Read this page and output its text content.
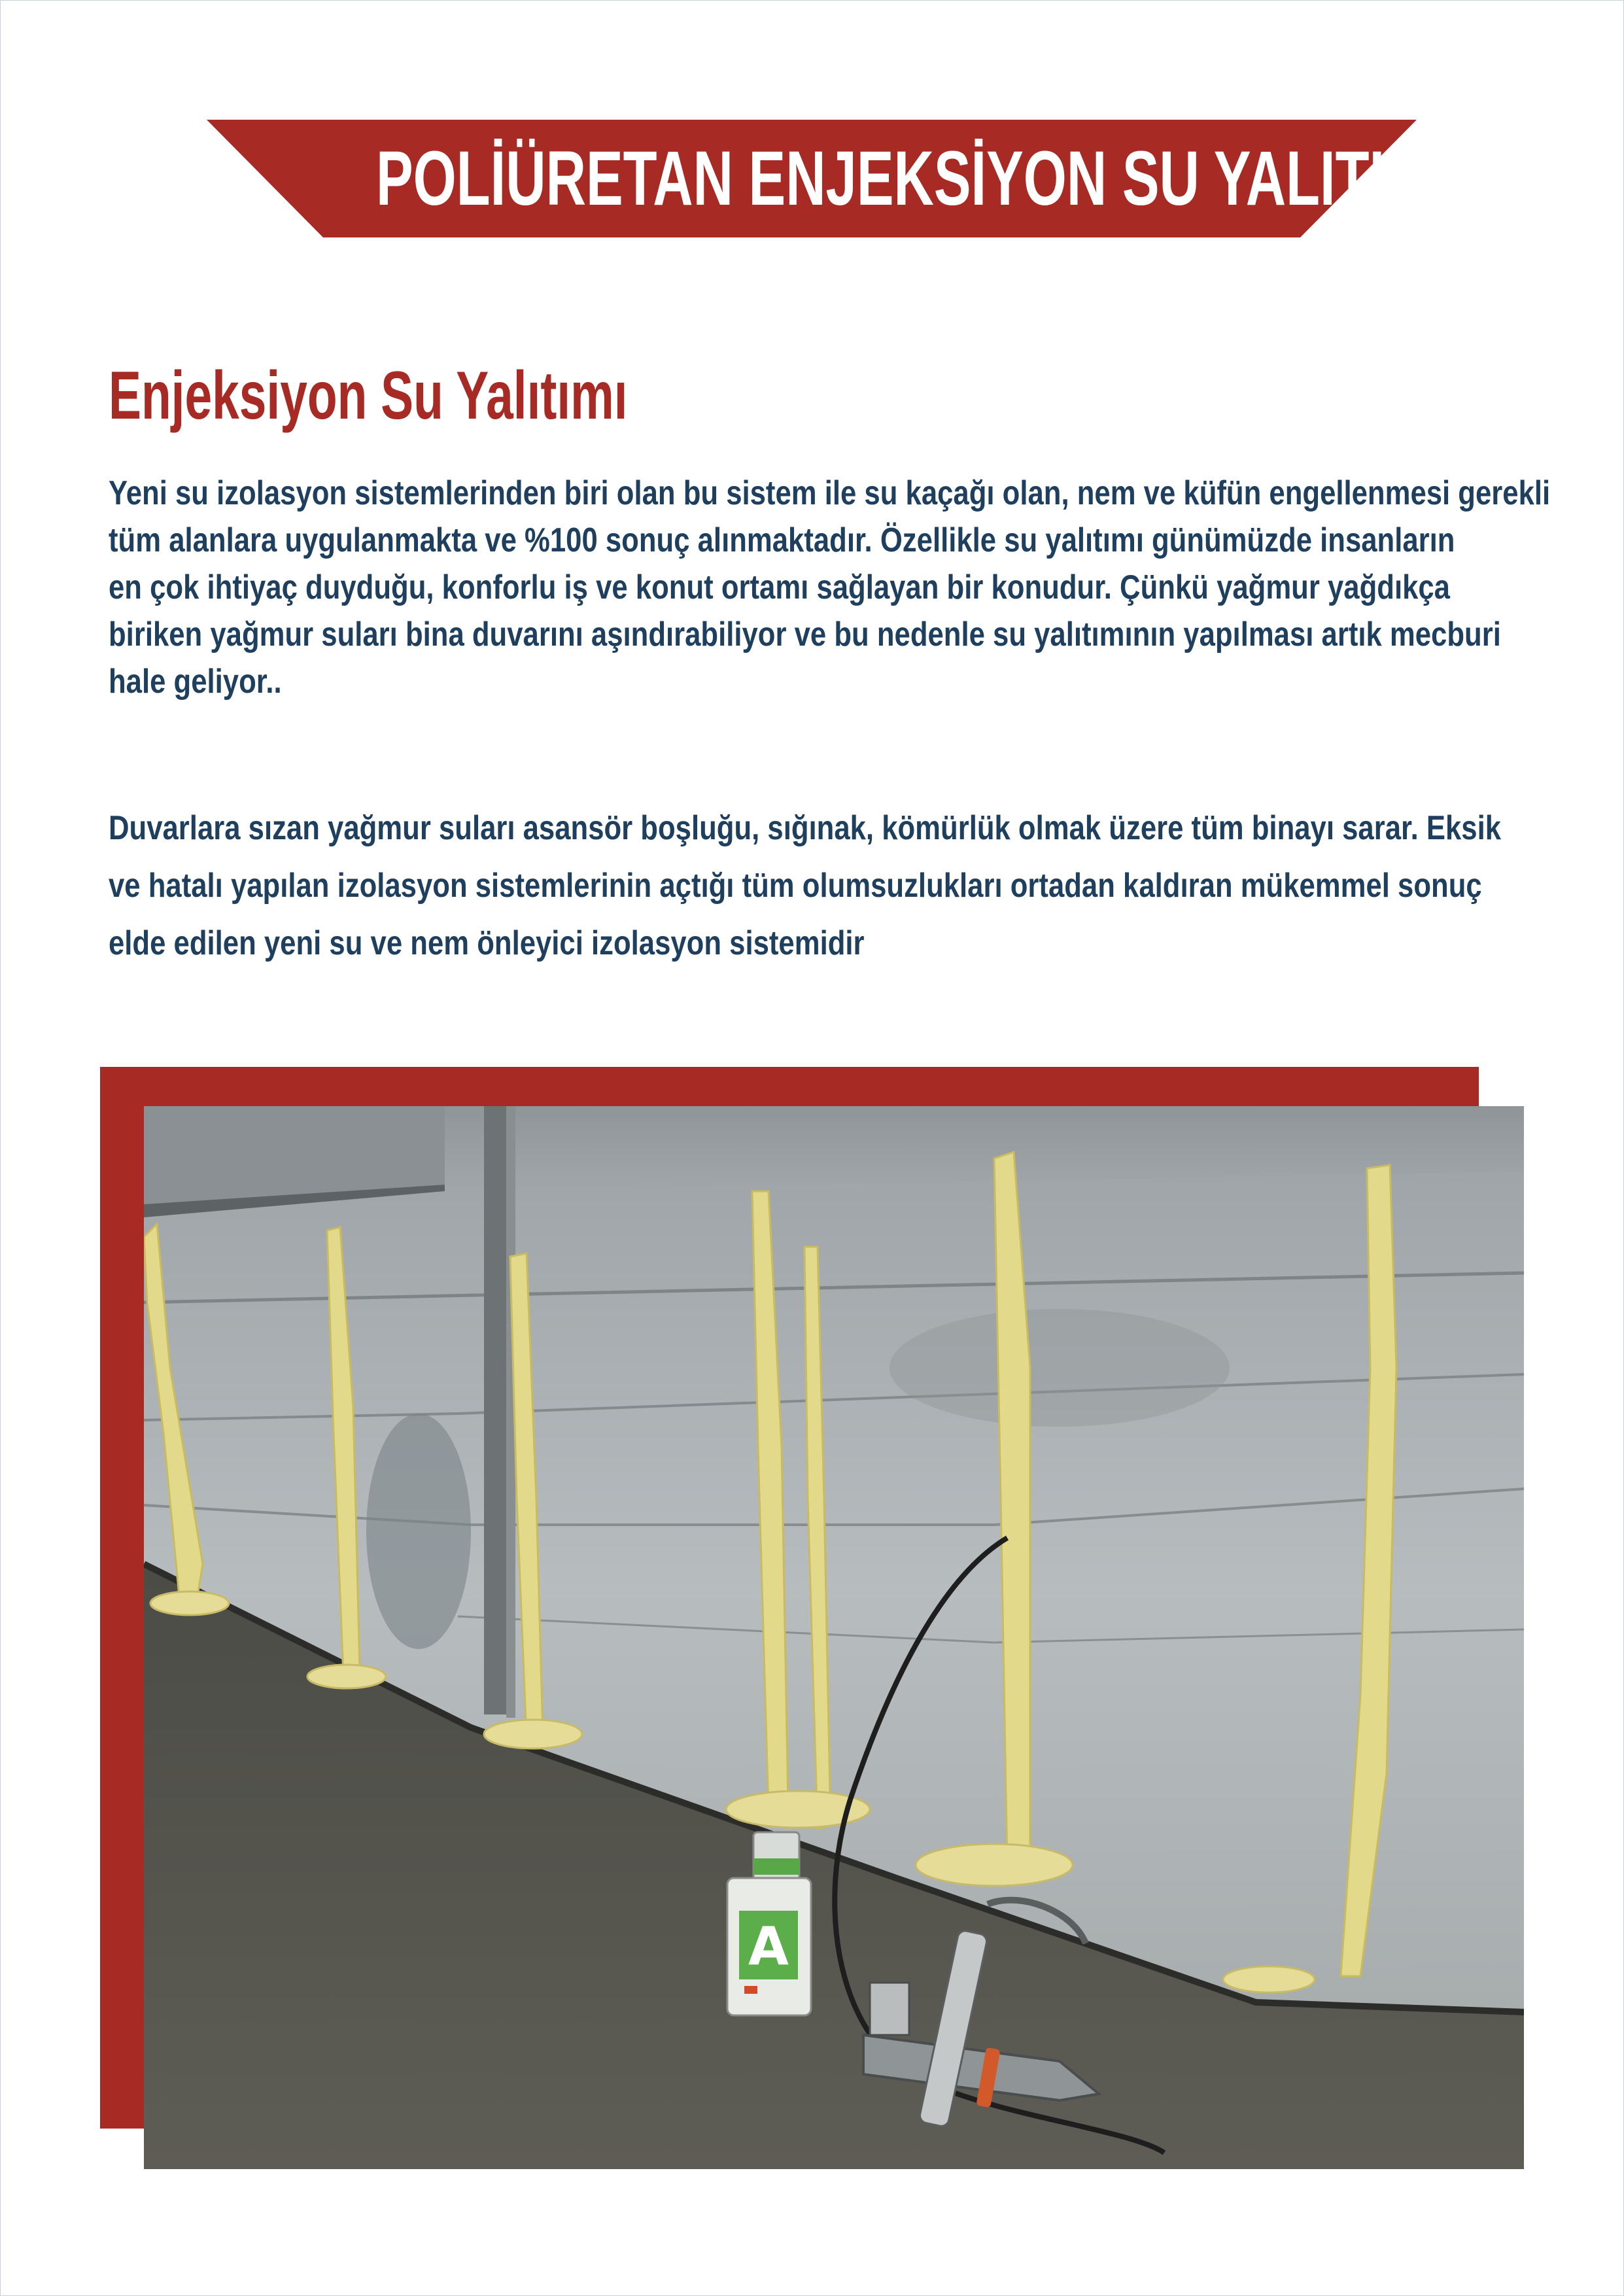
POLİÜRETAN ENJEKSİYON SU YALITIMI
Enjeksiyon Su Yalıtımı
Yeni su izolasyon sistemlerinden biri olan bu sistem ile su kaçağı olan, nem ve küfün engellenmesi gerekli
tüm alanlara uygulanmakta ve %100 sonuç alınmaktadır. Özellikle su yalıtımı günümüzde insanların
en çok ihtiyaç duyduğu, konforlu iş ve konut ortamı sağlayan bir konudur. Çünkü yağmur yağdıkça
biriken yağmur suları bina duvarını aşındırabiliyor ve bu nedenle su yalıtımının yapılması artık mecburi
hale geliyor..
Duvarlara sızan yağmur suları asansör boşluğu, sığınak, kömürlük olmak üzere tüm binayı sarar. Eksik
ve hatalı yapılan izolasyon sistemlerinin açtığı tüm olumsuzlukları ortadan kaldıran mükemmel sonuç
elde edilen yeni su ve nem önleyici izolasyon sistemidir
A
